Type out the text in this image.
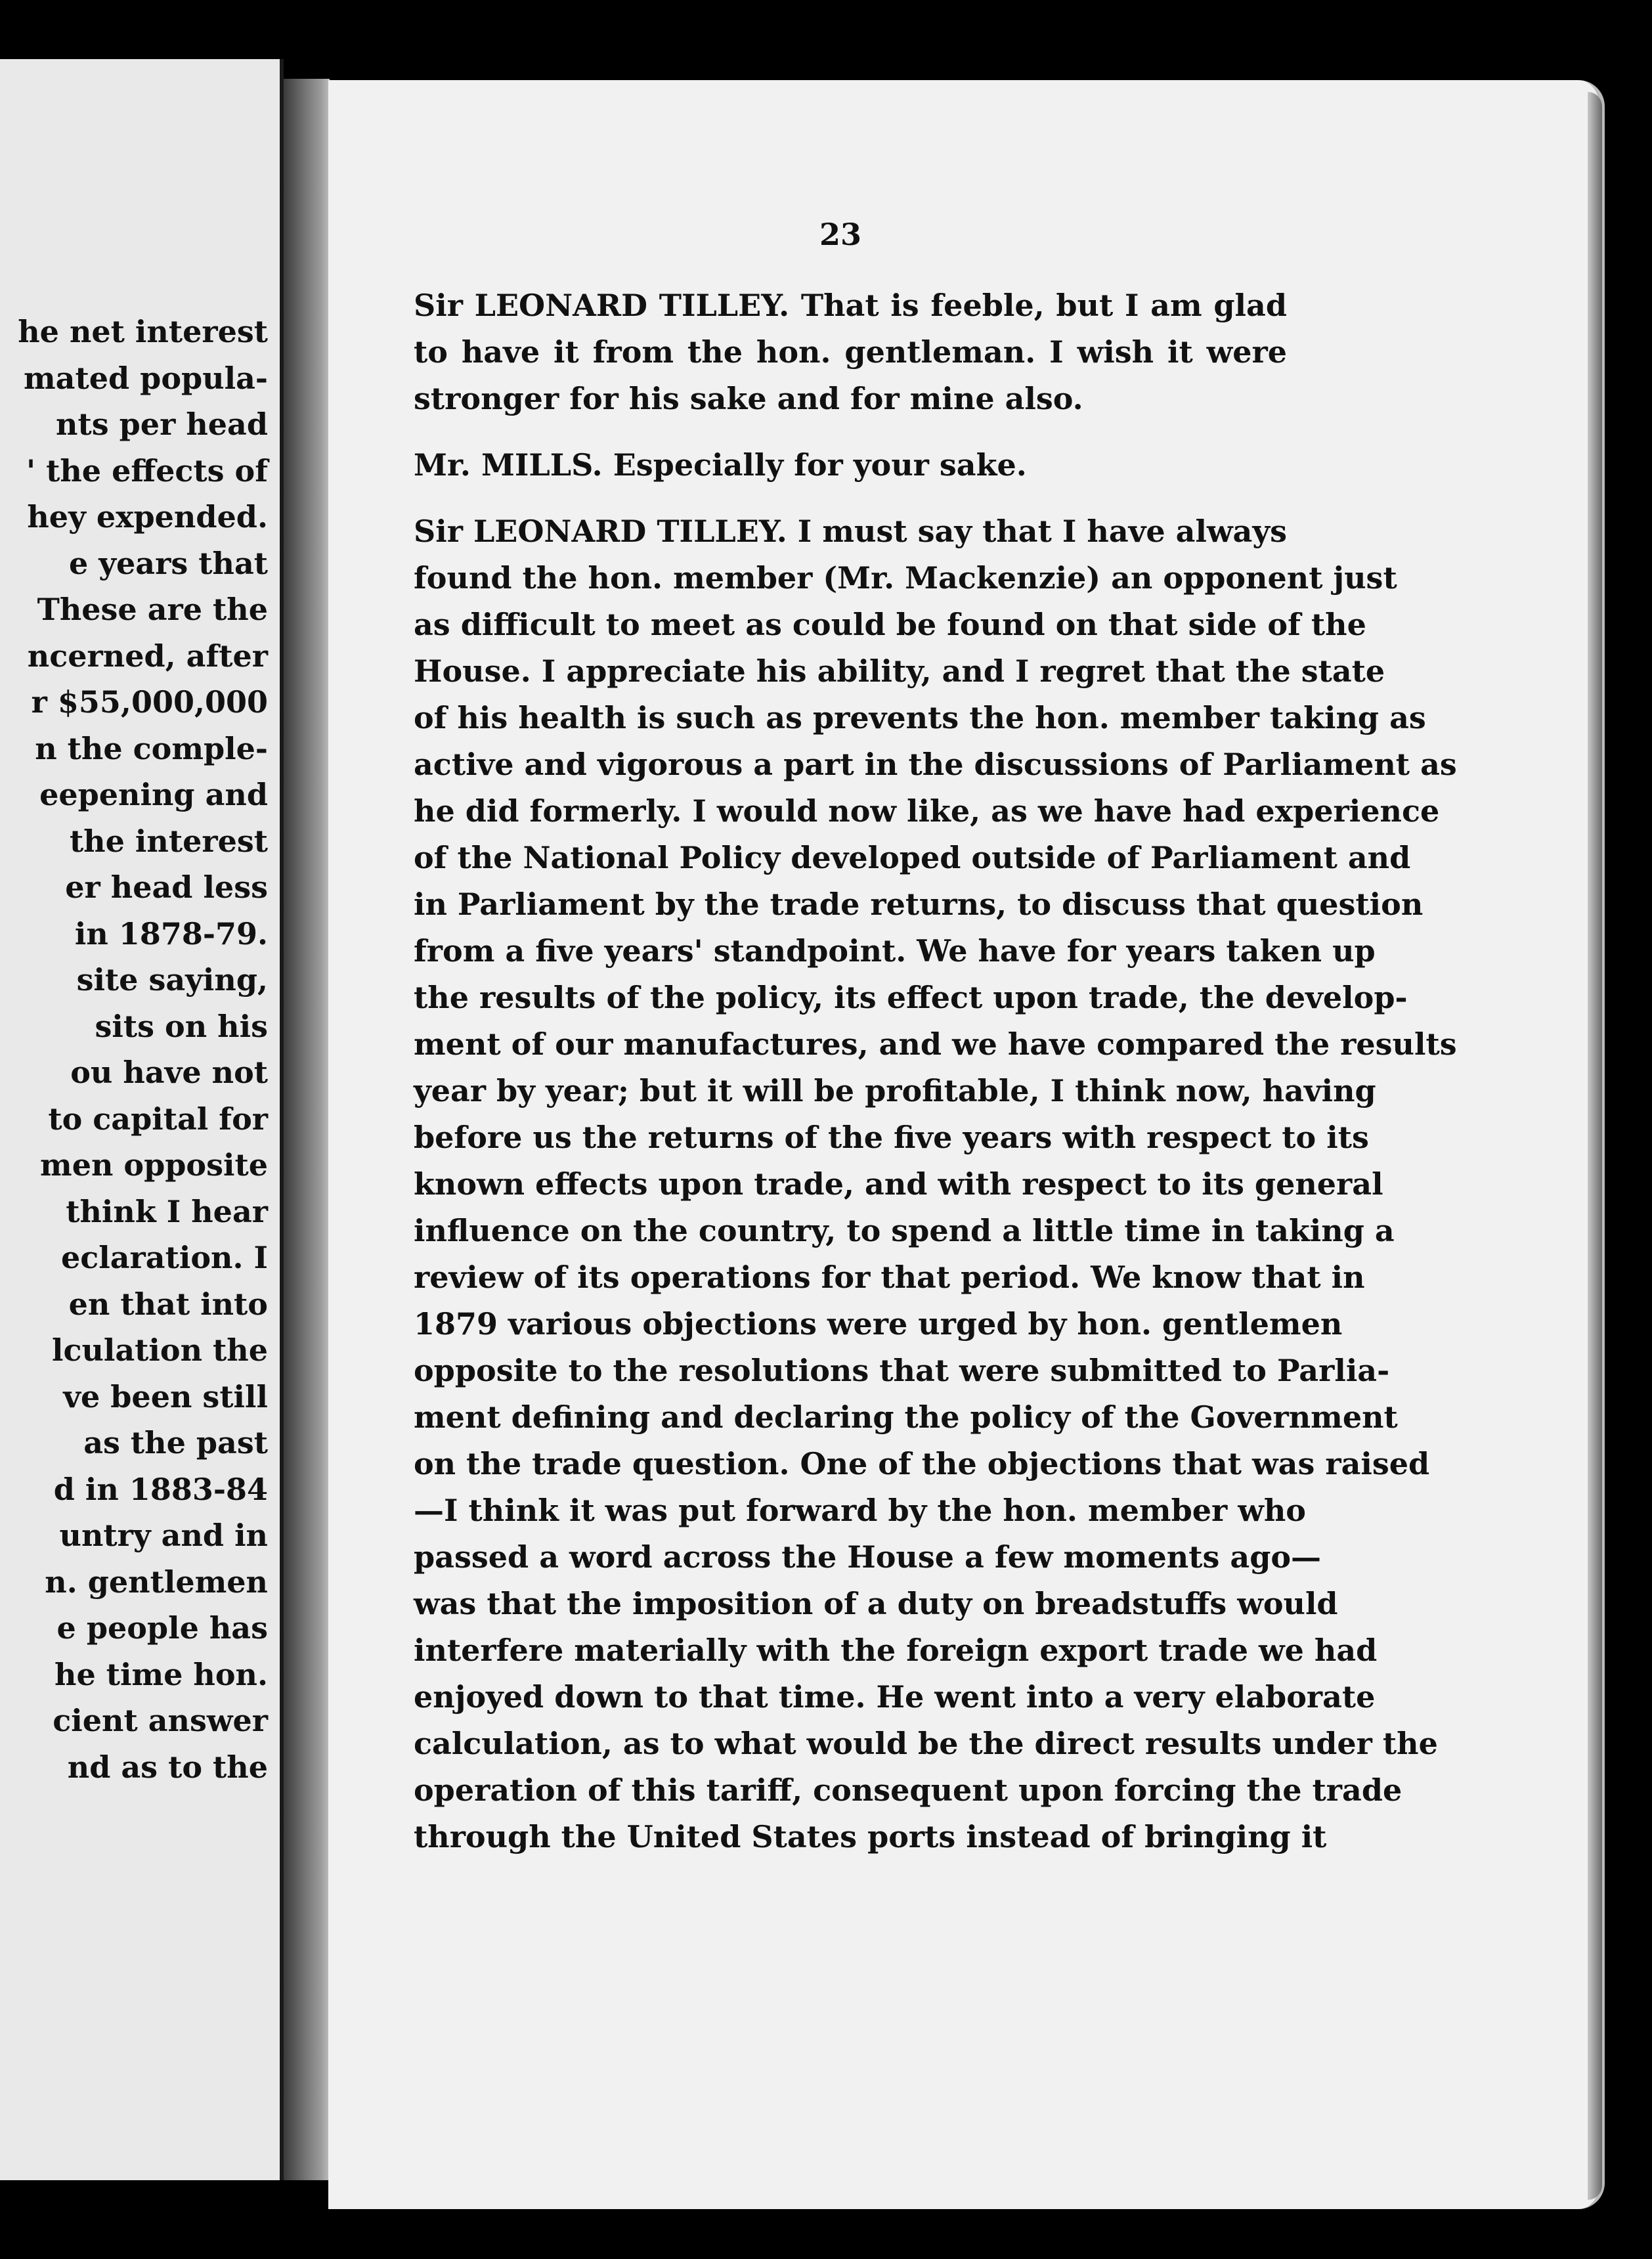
he net interest
mated popula-
nts per head
' the effects of
hey expended.
e years that
These are the
ncerned, after
r $55,000,000
n the comple-
eepening and
the interest
er head less
in 1878-79.
site saying,
sits on his
ou have not
to capital for
men opposite
think I hear
eclaration. I
en that into
lculation the
ve been still
as the past
d in 1883-84
untry and in
n. gentlemen
e people has
he time hon.
cient answer
nd as to the
23
Sir LEONARD TILLEY. That is feeble, but I am glad
to have it from the hon. gentleman. I wish it were
stronger for his sake and for mine also.
Mr. MILLS. Especially for your sake.
Sir LEONARD TILLEY. I must say that I have always
found the hon. member (Mr. Mackenzie) an opponent just
as difficult to meet as could be found on that side of the
House. I appreciate his ability, and I regret that the state
of his health is such as prevents the hon. member taking as
active and vigorous a part in the discussions of Parliament as
he did formerly. I would now like, as we have had experience
of the National Policy developed outside of Parliament and
in Parliament by the trade returns, to discuss that question
from a five years' standpoint. We have for years taken up
the results of the policy, its effect upon trade, the develop-
ment of our manufactures, and we have compared the results
year by year; but it will be profitable, I think now, having
before us the returns of the five years with respect to its
known effects upon trade, and with respect to its general
influence on the country, to spend a little time in taking a
review of its operations for that period. We know that in
1879 various objections were urged by hon. gentlemen
opposite to the resolutions that were submitted to Parlia-
ment defining and declaring the policy of the Government
on the trade question. One of the objections that was raised
—I think it was put forward by the hon. member who
passed a word across the House a few moments ago—
was that the imposition of a duty on breadstuffs would
interfere materially with the foreign export trade we had
enjoyed down to that time. He went into a very elaborate
calculation, as to what would be the direct results under the
operation of this tariff, consequent upon forcing the trade
through the United States ports instead of bringing it
